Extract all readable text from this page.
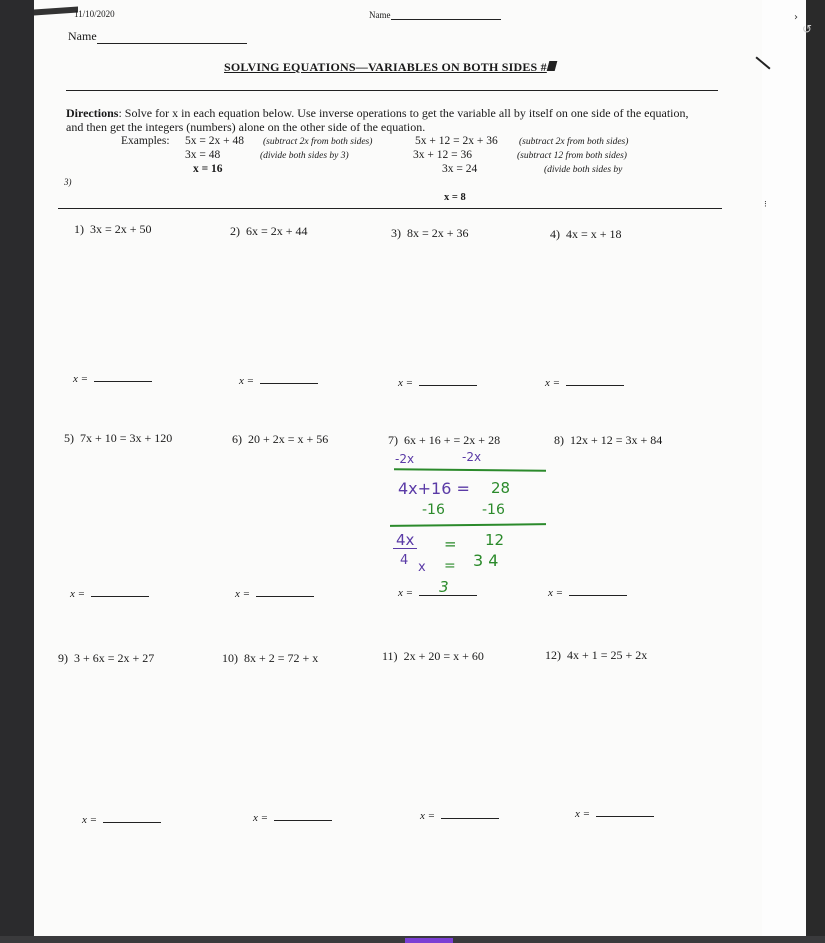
11/10/2020	Name
Name
SOLVING EQUATIONS—VARIABLES ON BOTH SIDES #
Directions: Solve for x in each equation below. Use inverse operations to get the variable all by itself on one side of the equation, and then get the integers (numbers) alone on the other side of the equation.
Examples: 5x = 2x + 48 (subtract 2x from both sides)
3x = 48	(divide both sides by 3)
x = 16
5x + 12 = 2x + 36 (subtract 2x from both sides)
3x + 12 = 36	(subtract 12 from both sides)
3x = 24	(divide both sides by
x = 8
3)
1) 3x = 2x + 50	2) 6x = 2x + 44	3) 8x = 2x + 36	4) 4x = x + 18
x =	x =	x =	x =
5) 7x + 10 = 3x + 120	6) 20 + 2x = x + 56	7) 6x + 16 + = 2x + 28	8) 12x + 12 = 3x + 84
-2x	-2x
4x+16 = 28
-16	-16
4x = 12
4 x = 3 4
x =	x =	x = 3	x =
9) 3 + 6x = 2x + 27	10) 8x + 2 = 72 + x	11) 2x + 20 = x + 60	12) 4x + 1 = 25 + 2x
x =	x =	x =	x =
›
⁝
↺
